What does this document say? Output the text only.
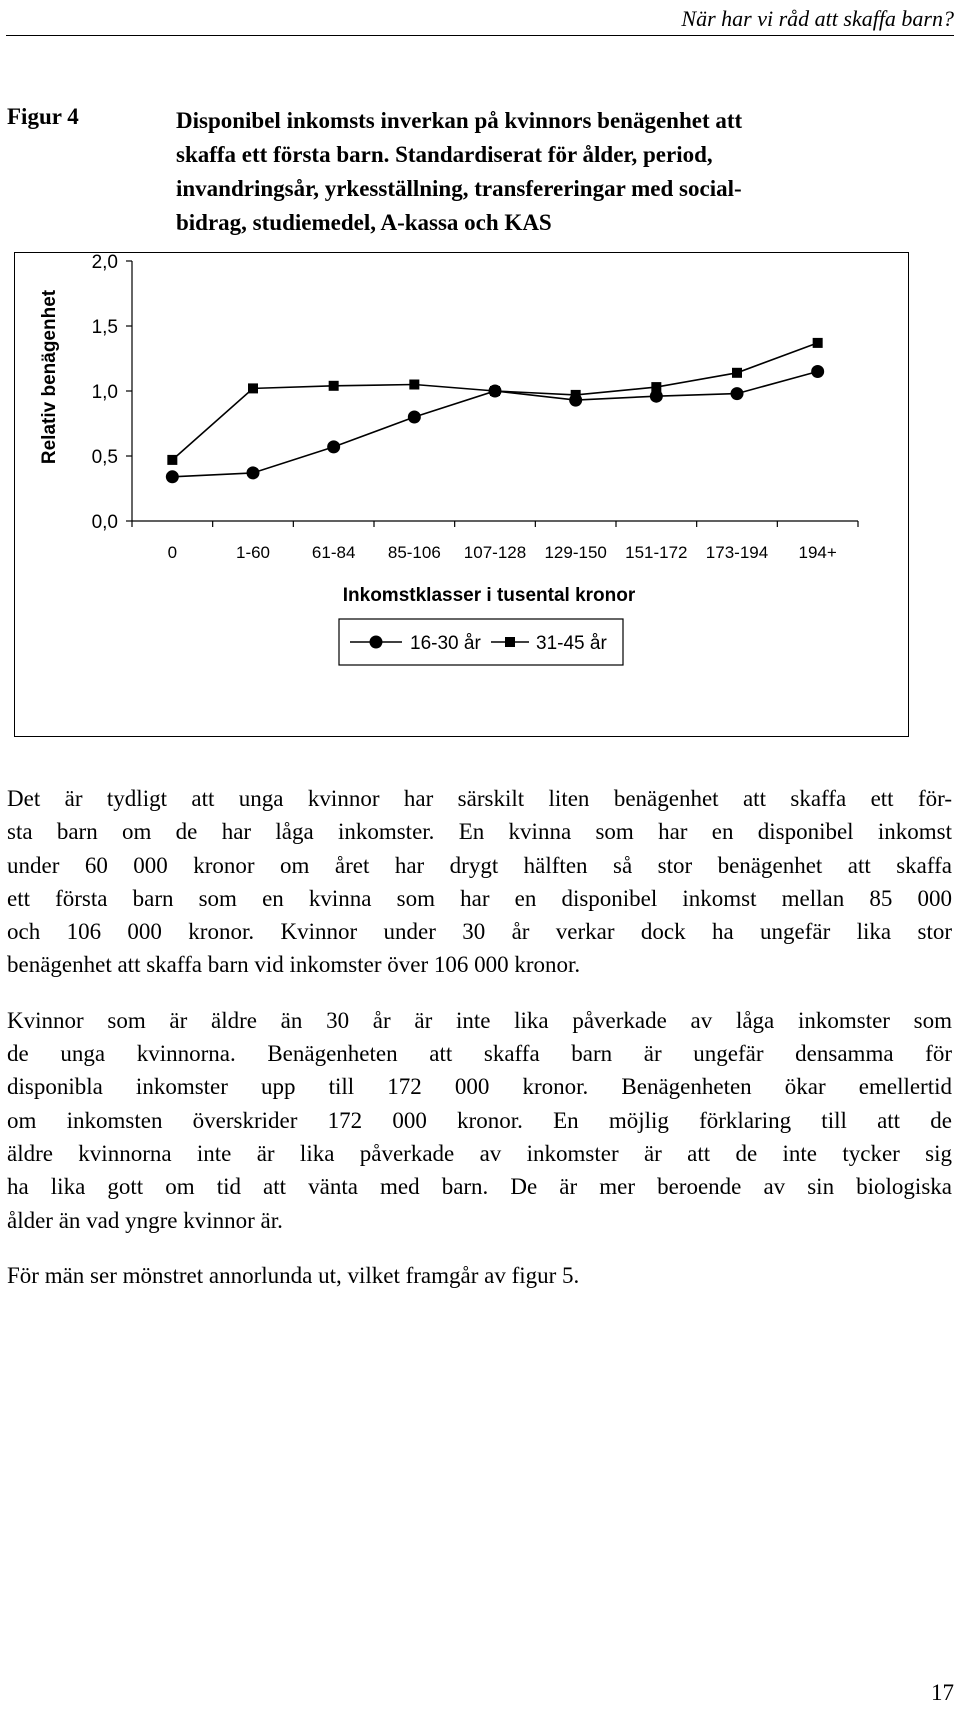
När har vi råd att skaffa barn?
Figur 4	Disponibel inkomsts inverkan på kvinnors benägenhet att
skaffa ett första barn. Standardiserat för ålder, period,
invandringsår, yrkesställning, transfereringar med social-
bidrag, studiemedel, A-kassa och KAS
0,0
0,5
1,0
1,5
2,0
0	1-60 61-84 85-106 107-128 129-150 151-172 173-194 194+
Relativ benägenhet
Inkomstklasser i tusental kronor
16-30 år	31-45 år

Det är tydligt att unga kvinnor har särskilt liten benägenhet att skaffa ett för-
sta barn om de har låga inkomster. En kvinna som har en disponibel inkomst
under 60 000 kronor om året har drygt hälften så stor benägenhet att skaffa
ett första barn som en kvinna som har en disponibel inkomst mellan 85 000
och 106 000 kronor. Kvinnor under 30 år verkar dock ha ungefär lika stor
benägenhet att skaffa barn vid inkomster över 106 000 kronor.

Kvinnor som är äldre än 30 år är inte lika påverkade av låga inkomster som
de unga kvinnorna. Benägenheten att skaffa barn är ungefär densamma för
disponibla inkomster upp till 172 000 kronor. Benägenheten ökar emellertid
om inkomsten överskrider 172 000 kronor. En möjlig förklaring till att de
äldre kvinnorna inte är lika påverkade av inkomster är att de inte tycker sig
ha lika gott om tid att vänta med barn. De är mer beroende av sin biologiska
ålder än vad yngre kvinnor är.

För män ser mönstret annorlunda ut, vilket framgår av figur 5.

17
